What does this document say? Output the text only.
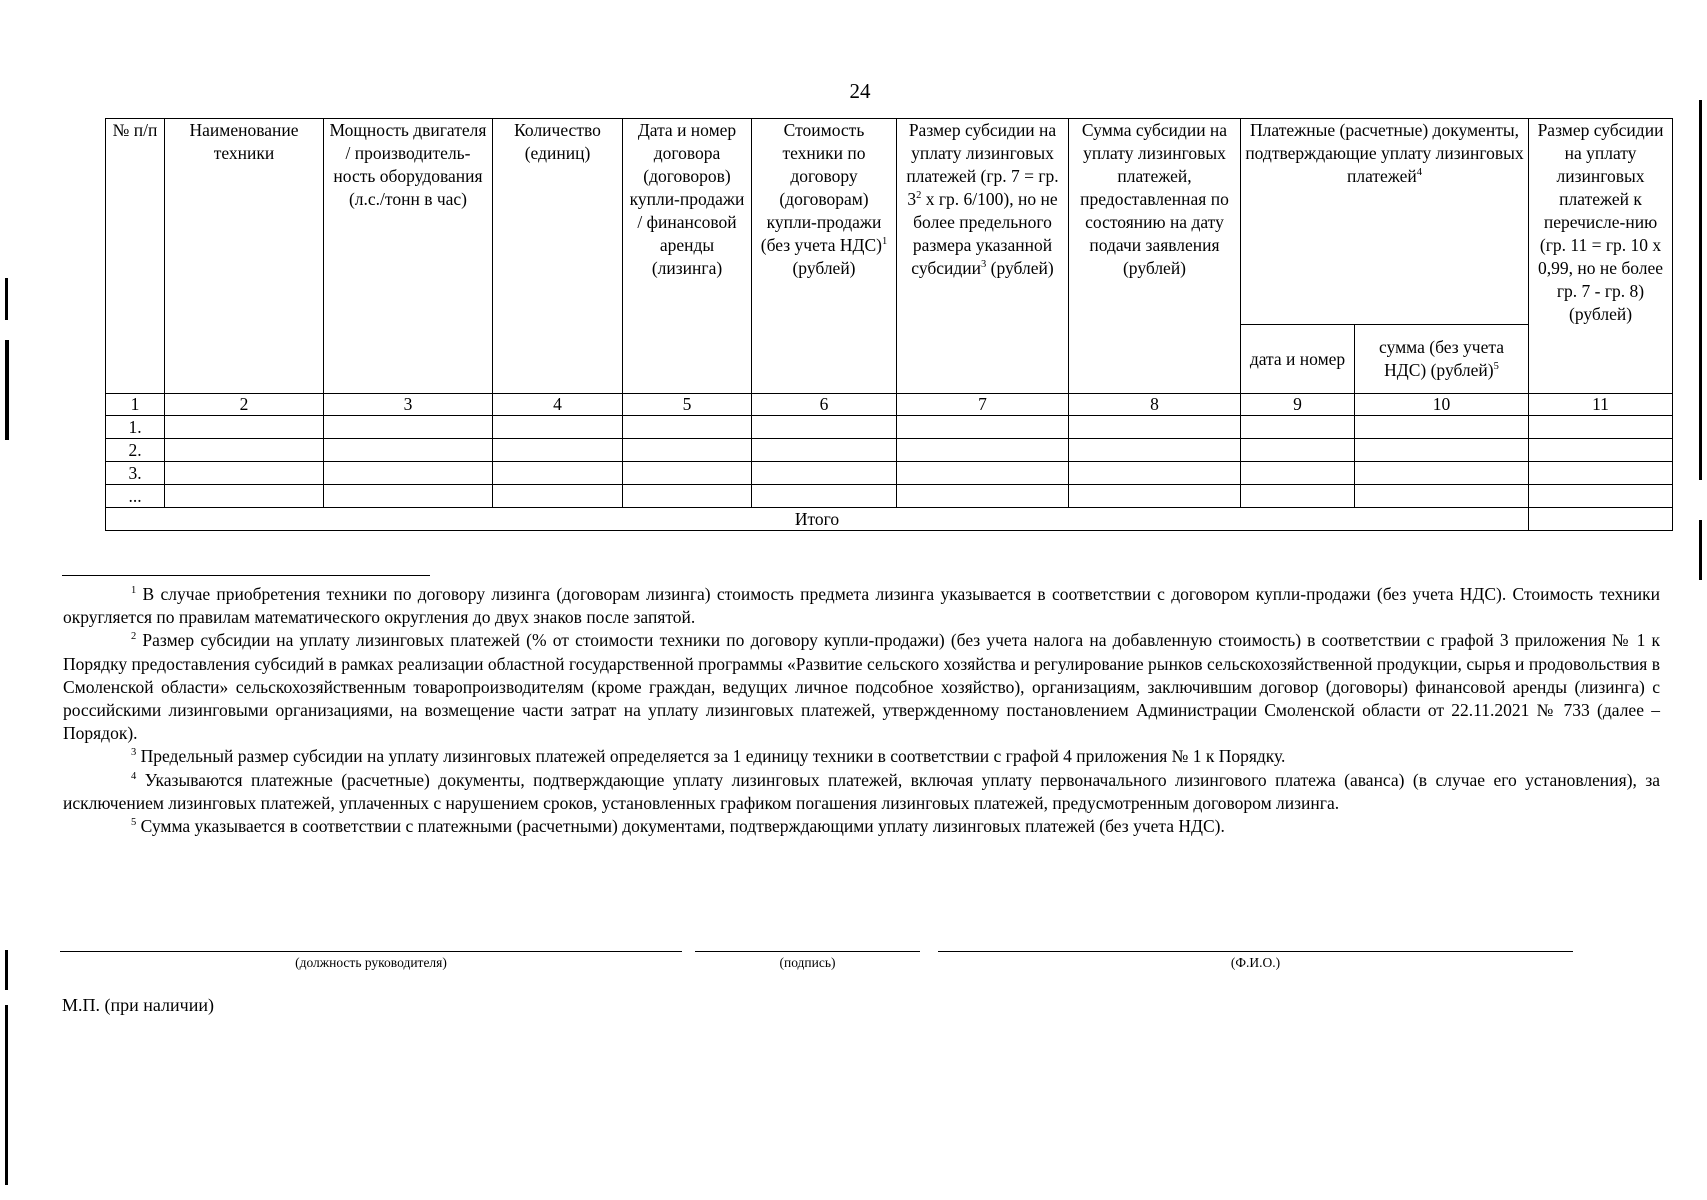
24
№ п/п	Наименование техники	Мощность двигателя / производитель-ность оборудования (л.с./тонн в час)	Количество (единиц)	Дата и номер договора (договоров) купли-продажи / финансовой аренды (лизинга)	Стоимость техники по договору (договорам) купли-продажи (без учета НДС)$^1$ (рублей)	Размер субсидии на уплату лизинговых платежей (гр. 7 = гр. $3^2$ x гр. 6/100), но не более предельного размера указанной субсидии$^3$ (рублей)	Сумма субсидии на уплату лизинговых платежей, предоставленная по состоянию на дату подачи заявления (рублей)	Платежные (расчетные) документы, подтверждающие уплату лизинговых платежей$^4$		Размер субсидии на уплату лизинговых платежей к перечисле-нию (гр. 11 = гр. 10 х 0,99, но не более гр. 7 - гр. 8) (рублей)
								дата и номер	сумма (без учета НДС) (рублей)$^5$
1	2	3	4	5	6	7	8	9	10	11
1.										
2.										
3.										
...										
Итого										

$^1$ В случае приобретения техники по договору лизинга (договорам лизинга) стоимость предмета лизинга указывается в соответствии с договором купли-продажи (без учета НДС). Стоимость техники округляется по правилам математического округления до двух знаков после запятой.

$^2$ Размер субсидии на уплату лизинговых платежей (% от стоимости техники по договору купли-продажи) (без учета налога на добавленную стоимость) в соответствии с графой 3 приложения № 1 к Порядку предоставления субсидий в рамках реализации областной государственной программы «Развитие сельского хозяйства и регулирование рынков сельскохозяйственной продукции, сырья и продовольствия в Смоленской области» сельскохозяйственным товаропроизводителям (кроме граждан, ведущих личное подсобное хозяйство), организациям, заключившим договор (договоры) финансовой аренды (лизинга) с российскими лизинговыми организациями, на возмещение части затрат на уплату лизинговых платежей, утвержденному постановлением Администрации Смоленской области от 22.11.2021 № 733 (далее – Порядок).

$^3$ Предельный размер субсидии на уплату лизинговых платежей определяется за 1 единицу техники в соответствии с графой 4 приложения № 1 к Порядку.

$^4$ Указываются платежные (расчетные) документы, подтверждающие уплату лизинговых платежей, включая уплату первоначального лизингового платежа (аванса) (в случае его установления), за исключением лизинговых платежей, уплаченных с нарушением сроков, установленных графиком погашения лизинговых платежей, предусмотренным договором лизинга.

$^5$ Сумма указывается в соответствии с платежными (расчетными) документами, подтверждающими уплату лизинговых платежей (без учета НДС).

(должность руководителя)	(подпись)	(Ф.И.О.)
М.П. (при наличии)
